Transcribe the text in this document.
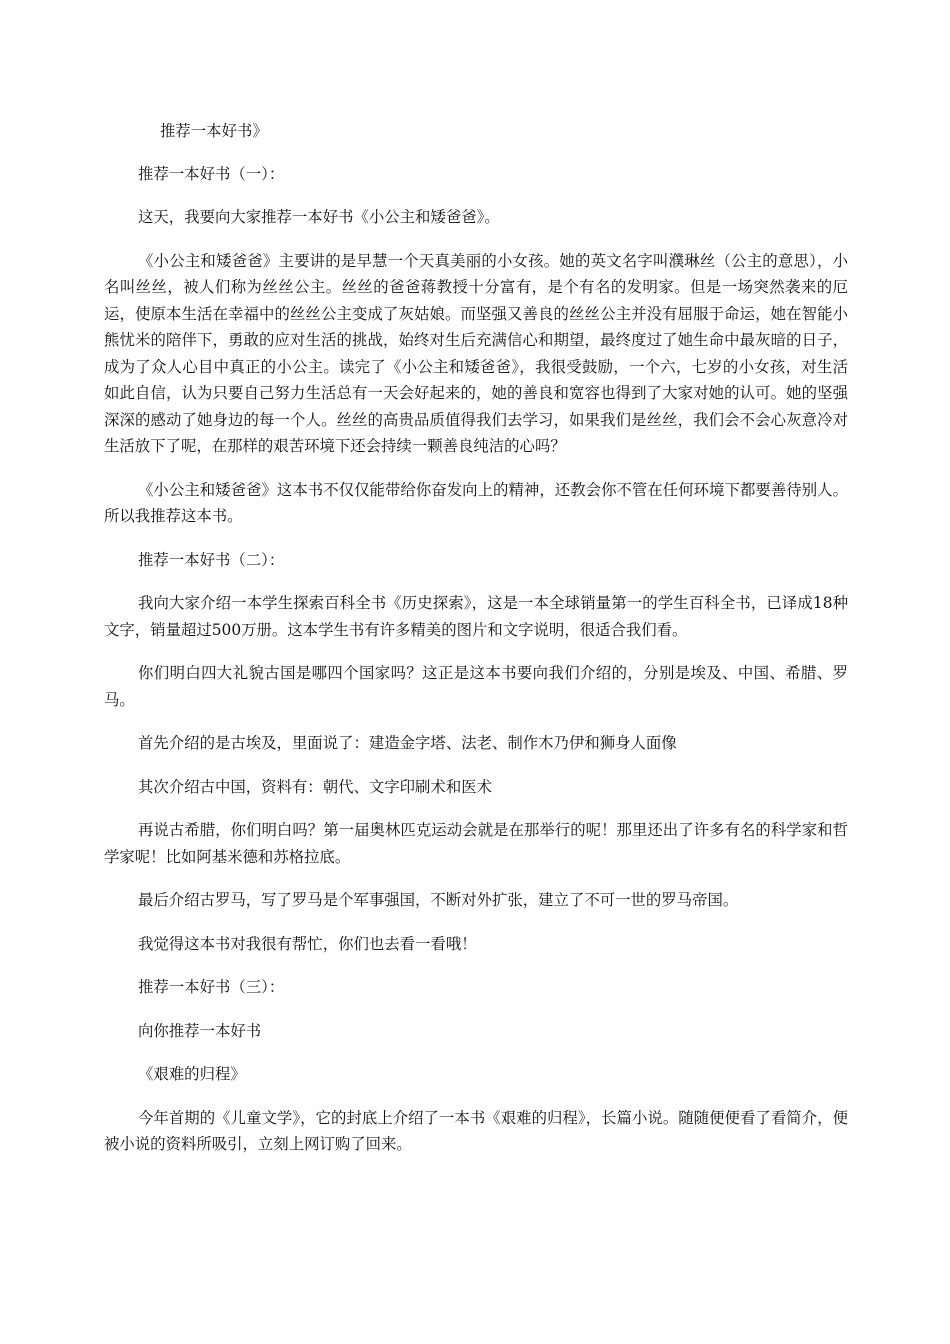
推荐一本好书》

推荐一本好书（一）：

这天，我要向大家推荐一本好书《小公主和矮爸爸》。

《小公主和矮爸爸》主要讲的是早慧一个天真美丽的小女孩。她的英文名字叫濮琳丝（公主的意思），小名叫丝丝，被人们称为丝丝公主。丝丝的爸爸蒋教授十分富有，是个有名的发明家。但是一场突然袭来的厄运，使原本生活在幸福中的丝丝公主变成了灰姑娘。而坚强又善良的丝丝公主并没有屈服于命运，她在智能小熊忧米的陪伴下，勇敢的应对生活的挑战，始终对生后充满信心和期望，最终度过了她生命中最灰暗的日子，成为了众人心目中真正的小公主。读完了《小公主和矮爸爸》，我很受鼓励，一个六，七岁的小女孩，对生活如此自信，认为只要自己努力生活总有一天会好起来的，她的善良和宽容也得到了大家对她的认可。她的坚强深深的感动了她身边的每一个人。丝丝的高贵品质值得我们去学习，如果我们是丝丝，我们会不会心灰意冷对生活放下了呢，在那样的艰苦环境下还会持续一颗善良纯洁的心吗？

《小公主和矮爸爸》这本书不仅仅能带给你奋发向上的精神，还教会你不管在任何环境下都要善待别人。所以我推荐这本书。

推荐一本好书（二）：

我向大家介绍一本学生探索百科全书《历史探索》，这是一本全球销量第一的学生百科全书，已译成18种文字，销量超过500万册。这本学生书有许多精美的图片和文字说明，很适合我们看。

你们明白四大礼貌古国是哪四个国家吗？这正是这本书要向我们介绍的，分别是埃及、中国、希腊、罗马。

首先介绍的是古埃及，里面说了：建造金字塔、法老、制作木乃伊和狮身人面像

其次介绍古中国，资料有：朝代、文字印刷术和医术

再说古希腊，你们明白吗？第一届奥林匹克运动会就是在那举行的呢！那里还出了许多有名的科学家和哲学家呢！比如阿基米德和苏格拉底。

最后介绍古罗马，写了罗马是个军事强国，不断对外扩张，建立了不可一世的罗马帝国。

我觉得这本书对我很有帮忙，你们也去看一看哦！

推荐一本好书（三）：

向你推荐一本好书

《艰难的归程》

今年首期的《儿童文学》，它的封底上介绍了一本书《艰难的归程》，长篇小说。随随便便看了看简介，便被小说的资料所吸引，立刻上网订购了回来。
